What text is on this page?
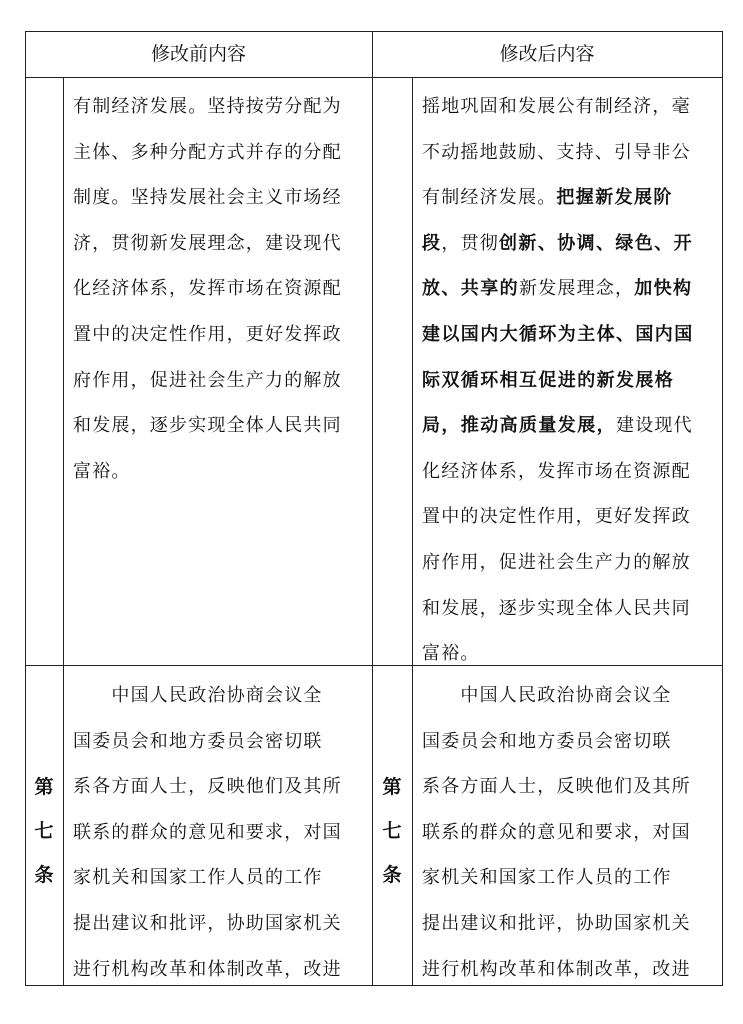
修改前内容	修改后内容
有制经济发展。坚持按劳分配为
主体、多种分配方式并存的分配
制度。坚持发展社会主义市场经
济，贯彻新发展理念，建设现代
化经济体系，发挥市场在资源配
置中的决定性作用，更好发挥政
府作用，促进社会生产力的解放
和发展，逐步实现全体人民共同
富裕。
摇地巩固和发展公有制经济，毫
不动摇地鼓励、支持、引导非公
有制经济发展。把握新发展阶
段，贯彻创新、协调、绿色、开
放、共享的新发展理念，加快构
建以国内大循环为主体、国内国
际双循环相互促进的新发展格
局，推动高质量发展，建设现代
化经济体系，发挥市场在资源配
置中的决定性作用，更好发挥政
府作用，促进社会生产力的解放
和发展，逐步实现全体人民共同
富裕。
第
七
条
第
七
条
　　中国人民政治协商会议全
国委员会和地方委员会密切联
系各方面人士，反映他们及其所
联系的群众的意见和要求，对国
家机关和国家工作人员的工作
提出建议和批评，协助国家机关
进行机构改革和体制改革，改进
　　中国人民政治协商会议全
国委员会和地方委员会密切联
系各方面人士，反映他们及其所
联系的群众的意见和要求，对国
家机关和国家工作人员的工作
提出建议和批评，协助国家机关
进行机构改革和体制改革，改进
